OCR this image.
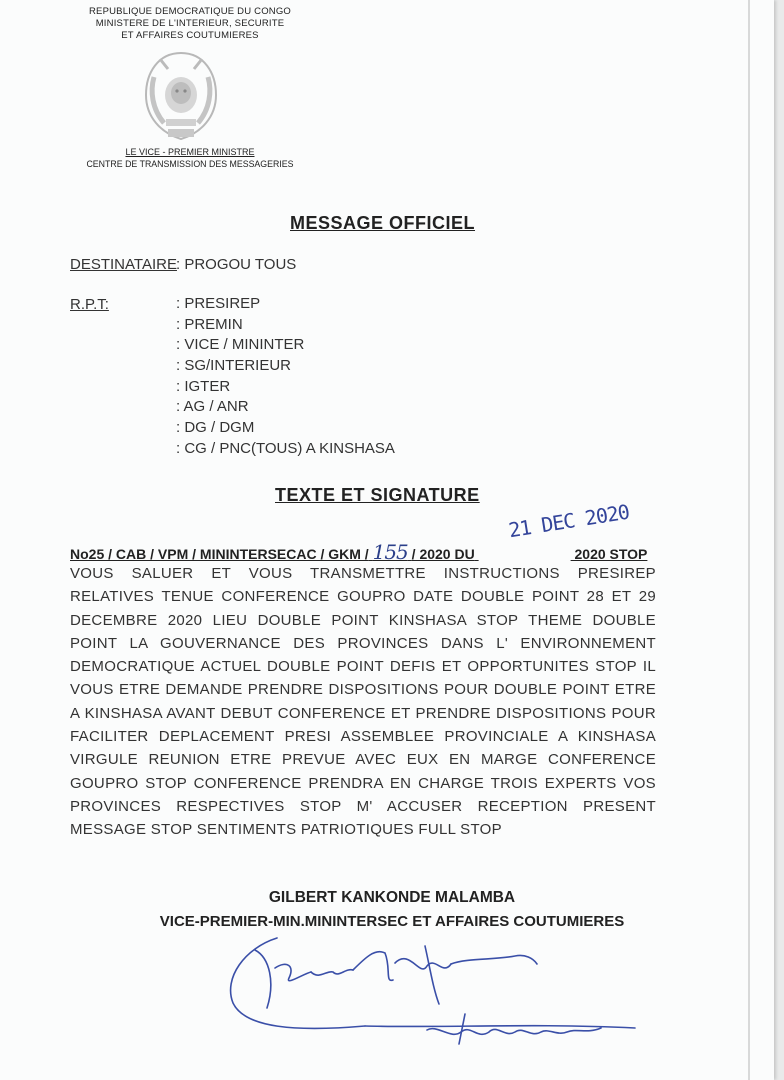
REPUBLIQUE DEMOCRATIQUE DU CONGO
MINISTERE DE L'INTERIEUR, SECURITE
ET AFFAIRES COUTUMIERES
LE VICE - PREMIER MINISTRE
CENTRE DE TRANSMISSION DES MESSAGERIES
MESSAGE OFFICIEL
DESTINATAIRE : PROGOU TOUS
R.P.T:	: PRESIREP
: PREMIN
: VICE / MININTER
: SG/INTERIEUR
: IGTER
: AG / ANR
: DG / DGM
: CG / PNC(TOUS) A KINSHASA
TEXTE ET SIGNATURE
No25 / CAB / VPM / MININTERSECAC / GKM / 155 / 2020 DU	2020 STOP
21 DEC 2020

VOUS SALUER ET VOUS TRANSMETTRE INSTRUCTIONS PRESIREP RELATIVES TENUE CONFERENCE GOUPRO DATE DOUBLE POINT 28 ET 29 DECEMBRE 2020 LIEU DOUBLE POINT KINSHASA STOP THEME DOUBLE POINT LA GOUVERNANCE DES PROVINCES DANS L' ENVIRONNEMENT DEMOCRATIQUE ACTUEL DOUBLE POINT DEFIS ET OPPORTUNITES STOP IL VOUS ETRE DEMANDE PRENDRE DISPOSITIONS POUR DOUBLE POINT ETRE A KINSHASA AVANT DEBUT CONFERENCE ET PRENDRE DISPOSITIONS POUR FACILITER DEPLACEMENT PRESI ASSEMBLEE PROVINCIALE A KINSHASA VIRGULE REUNION ETRE PREVUE AVEC EUX EN MARGE CONFERENCE GOUPRO STOP CONFERENCE PRENDRA EN CHARGE TROIS EXPERTS VOS PROVINCES RESPECTIVES STOP M' ACCUSER RECEPTION PRESENT MESSAGE STOP SENTIMENTS PATRIOTIQUES FULL STOP

GILBERT KANKONDE MALAMBA
VICE-PREMIER-MIN.MININTERSEC ET AFFAIRES COUTUMIERES
